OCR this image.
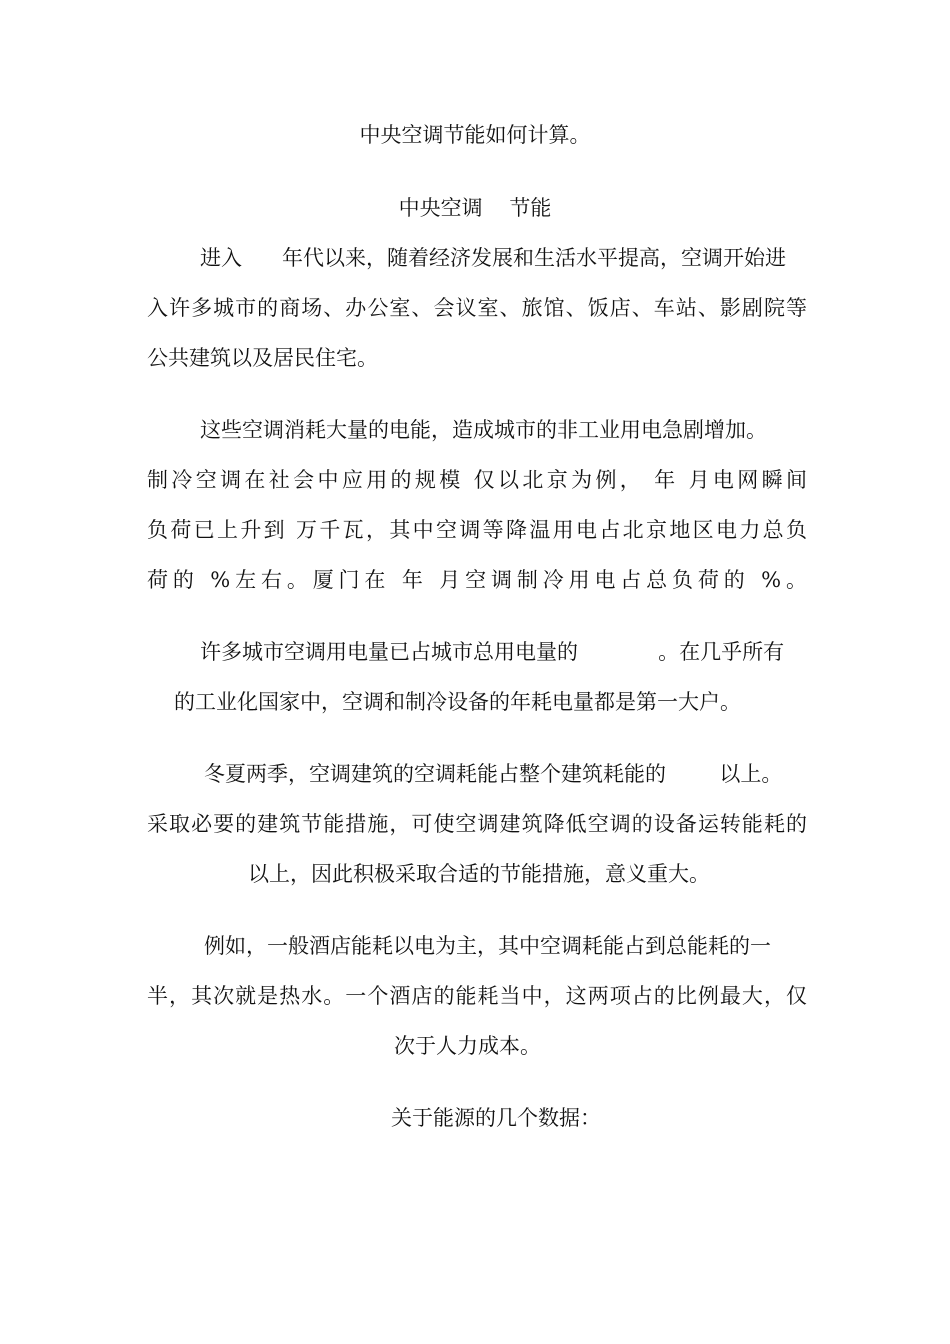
中央空调节能如何计算。
中央空调    节能
进入      年代以来，随着经济发展和生活水平提高，空调开始进
入许多城市的商场、办公室、会议室、旅馆、饭店、车站、影剧院等
公共建筑以及居民住宅。
这些空调消耗大量的电能，造成城市的非工业用电急剧增加。
制冷空调在社会中应用的规模 仅以北京为例， 年 月电网瞬间
负荷已上升到 万千瓦，其中空调等降温用电占北京地区电力总负
荷的 %左右。厦门在 年 月空调制冷用电占总负荷的 %。
许多城市空调用电量已占城市总用电量的            。在几乎所有
的工业化国家中，空调和制冷设备的年耗电量都是第一大户。
冬夏两季，空调建筑的空调耗能占整个建筑耗能的        以上。
采取必要的建筑节能措施，可使空调建筑降低空调的设备运转能耗的
以上，因此积极采取合适的节能措施，意义重大。
例如，一般酒店能耗以电为主，其中空调耗能占到总能耗的一
半，其次就是热水。一个酒店的能耗当中，这两项占的比例最大，仅
次于人力成本。
关于能源的几个数据：
